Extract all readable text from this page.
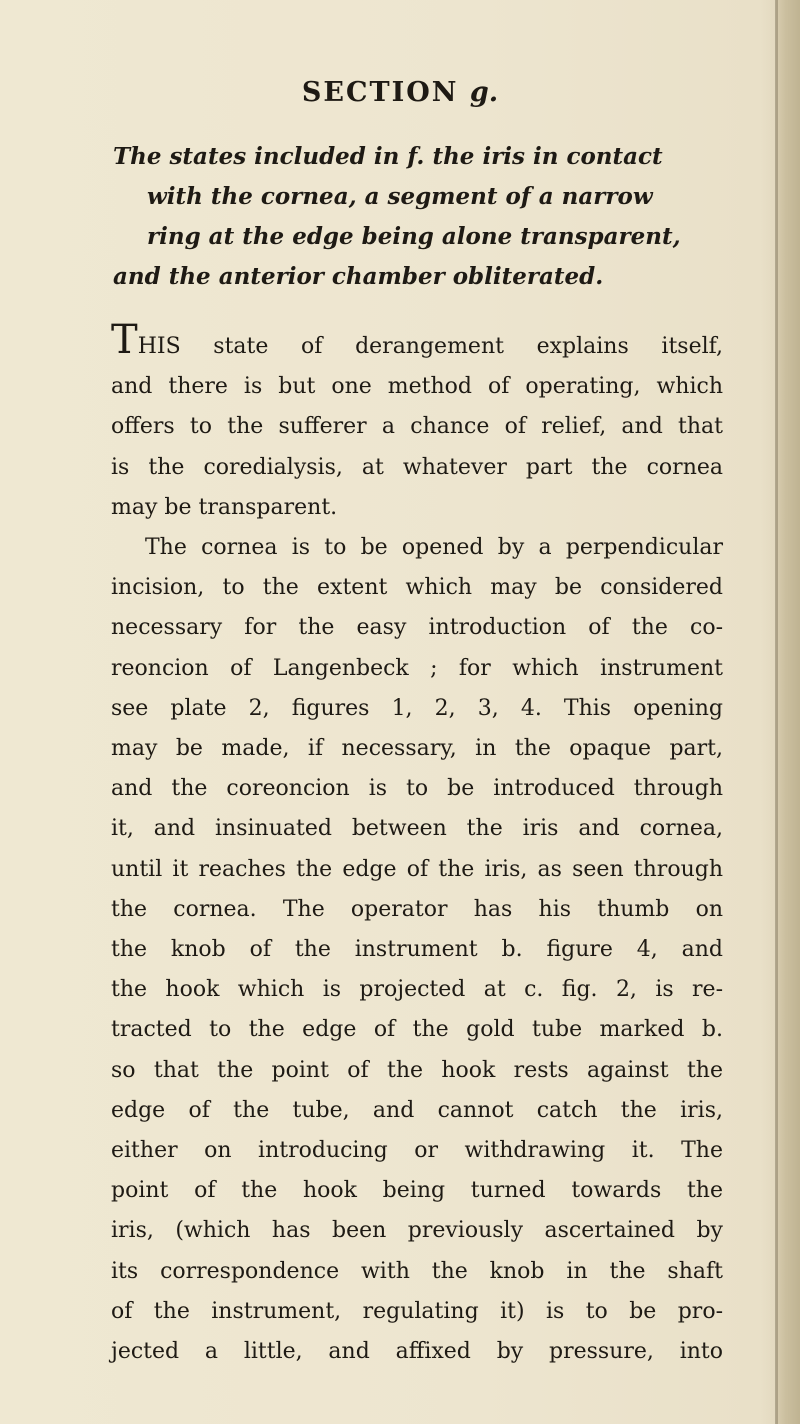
SECTION g.

The states included in f. the iris in contact
with the cornea, a segment of a narrow
ring at the edge being alone transparent,
and the anterior chamber obliterated.

THIS state of derangement explains itself,
and there is but one method of operating, which
offers to the sufferer a chance of relief, and that
is the coredialysis, at whatever part the cornea
may be transparent.
The cornea is to be opened by a perpendicular
incision, to the extent which may be considered
necessary for the easy introduction of the co-
reoncion of Langenbeck ; for which instrument
see plate 2, figures 1, 2, 3, 4. This opening
may be made, if necessary, in the opaque part,
and the coreoncion is to be introduced through
it, and insinuated between the iris and cornea,
until it reaches the edge of the iris, as seen through
the cornea. The operator has his thumb on
the knob of the instrument b. figure 4, and
the hook which is projected at c. fig. 2, is re-
tracted to the edge of the gold tube marked b.
so that the point of the hook rests against the
edge of the tube, and cannot catch the iris,
either on introducing or withdrawing it. The
point of the hook being turned towards the
iris, (which has been previously ascertained by
its correspondence with the knob in the shaft
of the instrument, regulating it) is to be pro-
jected a little, and affixed by pressure, into
